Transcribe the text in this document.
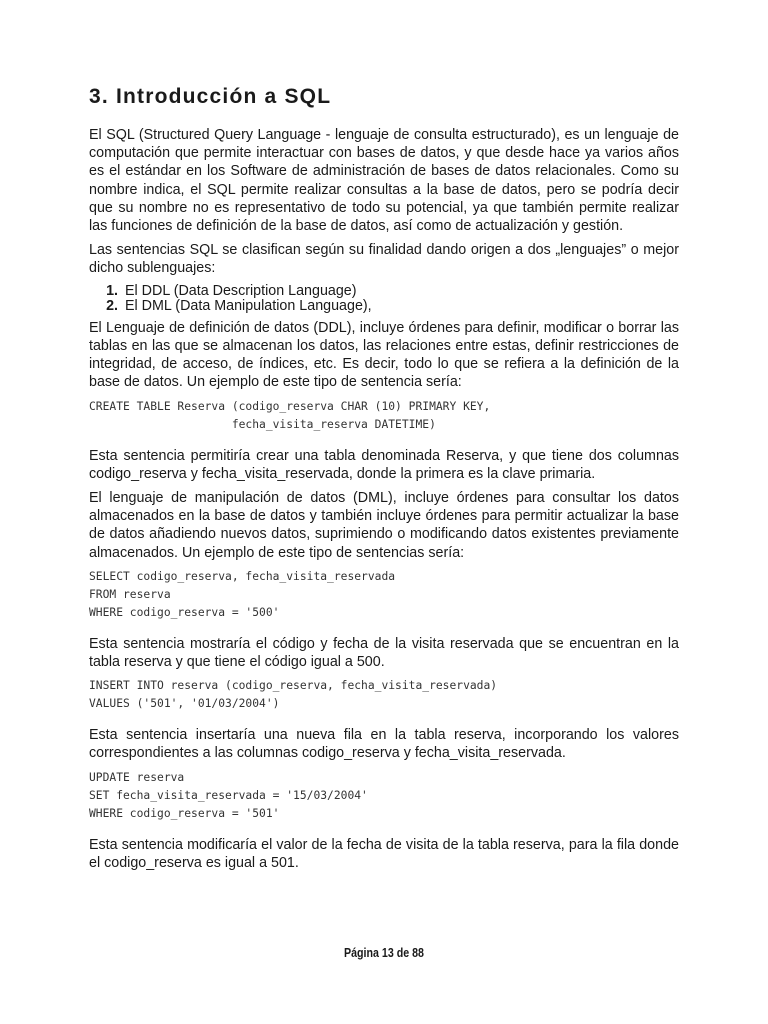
3. Introducción a SQL

El SQL (Structured Query Language - lenguaje de consulta estructurado), es un lenguaje de computación que permite interactuar con bases de datos, y que desde hace ya varios años es el estándar en los Software de administración de bases de datos relacionales. Como su nombre indica, el SQL permite realizar consultas a la base de datos, pero se podría decir que su nombre no es representativo de todo su potencial, ya que también permite realizar las funciones de definición de la base de datos, así como de actualización y gestión.

Las sentencias SQL se clasifican según su finalidad dando origen a dos „lenguajes” o mejor dicho sublenguajes:

1. El DDL (Data Description Language)
2. El DML (Data Manipulation Language),

El Lenguaje de definición de datos (DDL), incluye órdenes para definir, modificar o borrar las tablas en las que se almacenan los datos, las relaciones entre estas, definir restricciones de integridad, de acceso, de índices, etc. Es decir, todo lo que se refiera a la definición de la base de datos. Un ejemplo de este tipo de sentencia sería:

CREATE TABLE Reserva (codigo_reserva CHAR (10) PRIMARY KEY,
fecha_visita_reserva DATETIME)

Esta sentencia permitiría crear una tabla denominada Reserva, y que tiene dos columnas codigo_reserva y fecha_visita_reservada, donde la primera es la clave primaria.

El lenguaje de manipulación de datos (DML), incluye órdenes para consultar los datos almacenados en la base de datos y también incluye órdenes para permitir actualizar la base de datos añadiendo nuevos datos, suprimiendo o modificando datos existentes previamente almacenados. Un ejemplo de este tipo de sentencias sería:

SELECT codigo_reserva, fecha_visita_reservada
FROM reserva
WHERE codigo_reserva = '500'

Esta sentencia mostraría el código y fecha de la visita reservada que se encuentran en la tabla reserva y que tiene el código igual a 500.

INSERT INTO reserva (codigo_reserva, fecha_visita_reservada)
VALUES ('501', '01/03/2004')

Esta sentencia insertaría una nueva fila en la tabla reserva, incorporando los valores correspondientes a las columnas codigo_reserva y fecha_visita_reservada.

UPDATE reserva
SET fecha_visita_reservada = '15/03/2004'
WHERE codigo_reserva = '501'

Esta sentencia modificaría el valor de la fecha de visita de la tabla reserva, para la fila donde el codigo_reserva es igual a 501.

Página 13 de 88
